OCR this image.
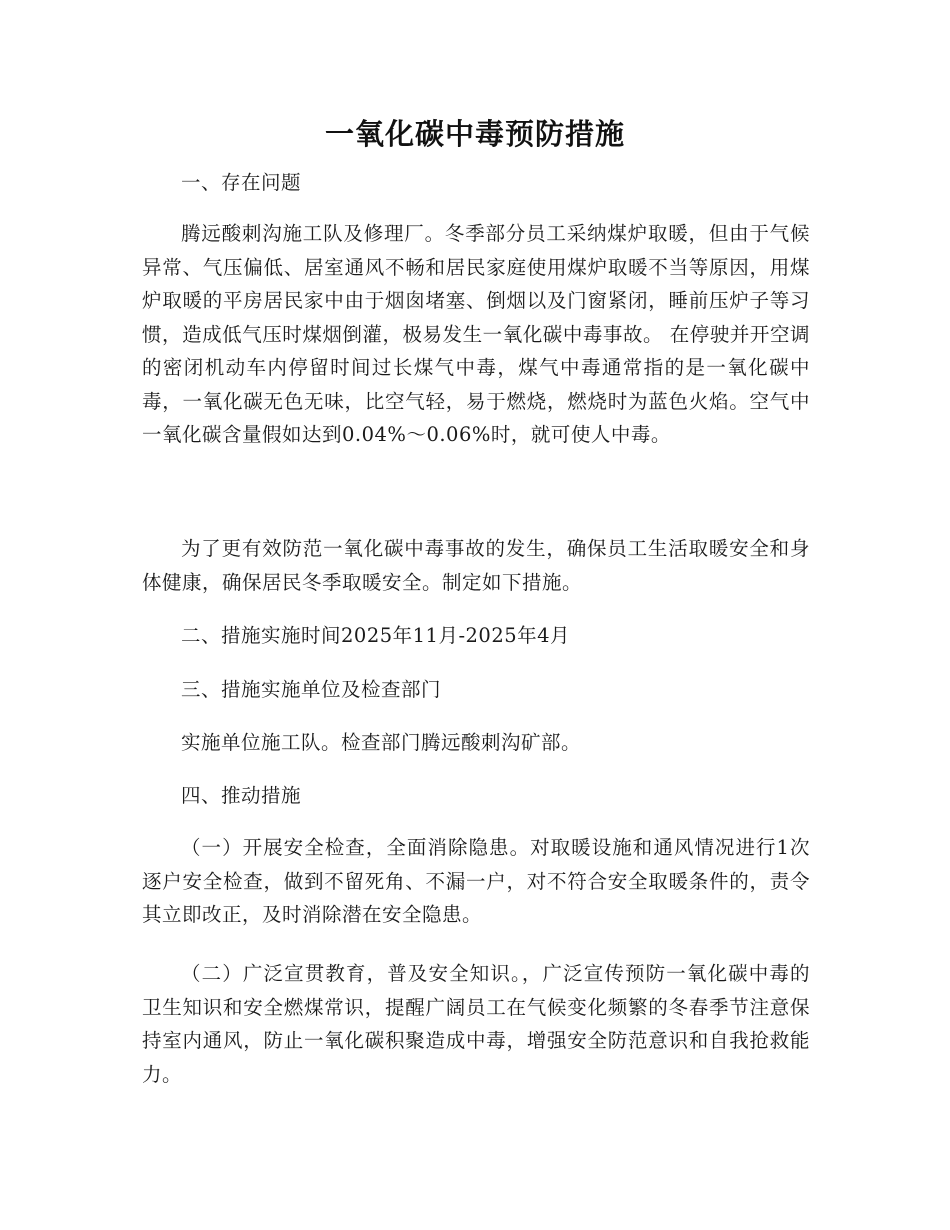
一氧化碳中毒预防措施

一、存在问题

腾远酸刺沟施工队及修理厂。冬季部分员工采纳煤炉取暖，但由于气候异常、气压偏低、居室通风不畅和居民家庭使用煤炉取暖不当等原因，用煤炉取暖的平房居民家中由于烟囱堵塞、倒烟以及门窗紧闭，睡前压炉子等习惯，造成低气压时煤烟倒灌，极易发生一氧化碳中毒事故。 在停驶并开空调的密闭机动车内停留时间过长煤气中毒，煤气中毒通常指的是一氧化碳中毒，一氧化碳无色无味，比空气轻，易于燃烧，燃烧时为蓝色火焰。空气中一氧化碳含量假如达到0.04%～0.06%时，就可使人中毒。

为了更有效防范一氧化碳中毒事故的发生，确保员工生活取暖安全和身体健康，确保居民冬季取暖安全。制定如下措施。

二、措施实施时间2025年11月-2025年4月

三、措施实施单位及检查部门

实施单位施工队。检查部门腾远酸刺沟矿部。

四、推动措施

（一）开展安全检查，全面消除隐患。对取暖设施和通风情况进行1次逐户安全检查，做到不留死角、不漏一户，对不符合安全取暖条件的，责令其立即改正，及时消除潜在安全隐患。

（二）广泛宣贯教育，普及安全知识。，广泛宣传预防一氧化碳中毒的卫生知识和安全燃煤常识，提醒广阔员工在气候变化频繁的冬春季节注意保持室内通风，防止一氧化碳积聚造成中毒，增强安全防范意识和自我抢救能力。
